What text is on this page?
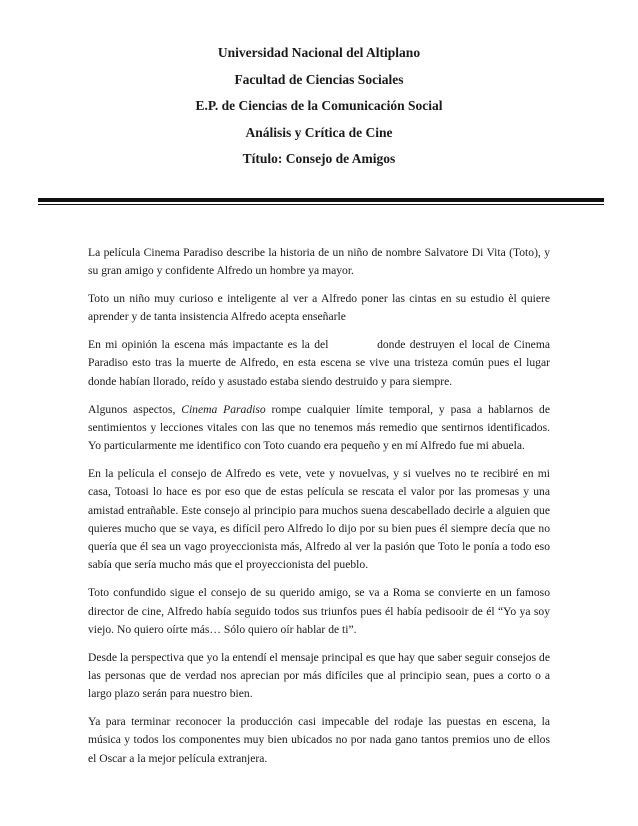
Universidad Nacional del Altiplano
Facultad de Ciencias Sociales
E.P. de Ciencias de la Comunicación Social
Análisis y Crítica de Cine
Título: Consejo de Amigos

La película Cinema Paradiso describe la historia de un niño de nombre Salvatore Di Vita (Toto), y su gran amigo y confidente Alfredo un hombre ya mayor.

Toto un niño muy curioso e inteligente al ver a Alfredo poner las cintas en su estudio èl quiere aprender y de tanta insistencia Alfredo acepta enseñarle

En mi opinión la escena más impactante es la del	donde destruyen el local de Cinema Paradiso esto tras la muerte de Alfredo, en esta escena se vive una tristeza común pues el lugar donde habían llorado, reído y asustado estaba siendo destruido y para siempre.

Algunos aspectos, Cinema Paradiso rompe cualquier límite temporal, y pasa a hablarnos de sentimientos y lecciones vitales con las que no tenemos más remedio que sentirnos identificados. Yo particularmente me identifico con Toto cuando era pequeño y en mí Alfredo fue mi abuela.

En la película el consejo de Alfredo es vete, vete y novuelvas, y si vuelves no te recibiré en mi casa, Totoasi lo hace es por eso que de estas película se rescata el valor por las promesas y una amistad entrañable. Este consejo al principio para muchos suena descabellado decirle a alguien que quieres mucho que se vaya, es difícil pero Alfredo lo dijo por su bien pues él siempre decía que no quería que él sea un vago proyeccionista más, Alfredo al ver la pasión que Toto le ponía a todo eso sabía que sería mucho más que el proyeccionista del pueblo.

Toto confundido sigue el consejo de su querido amigo, se va a Roma se convierte en un famoso director de cine, Alfredo había seguido todos sus triunfos pues él había pedisooir de él “Yo ya soy viejo. No quiero oírte más… Sólo quiero oír hablar de ti”.

Desde la perspectiva que yo la entendí el mensaje principal es que hay que saber seguir consejos de las personas que de verdad nos aprecian por más difíciles que al principio sean, pues a corto o a largo plazo serán para nuestro bien.

Ya para terminar reconocer la producción casi impecable del rodaje las puestas en escena, la música y todos los componentes muy bien ubicados no por nada gano tantos premios uno de ellos el Oscar a la mejor película extranjera.
